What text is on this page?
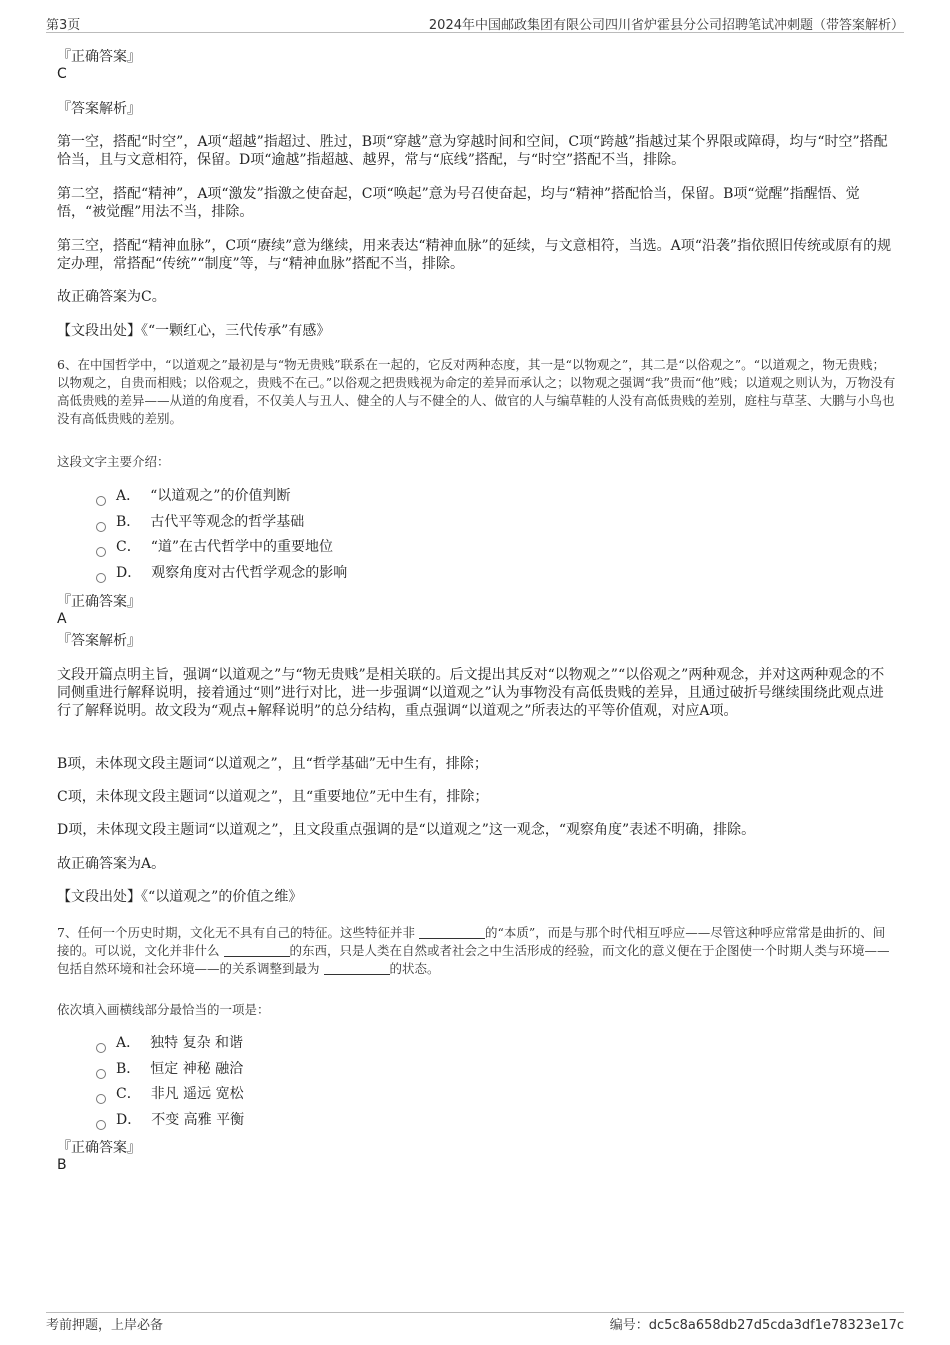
第3页	2024年中国邮政集团有限公司四川省炉霍县分公司招聘笔试冲刺题（带答案解析）
『正确答案』
C
『答案解析』
第一空，搭配“时空”，A项“超越”指超过、胜过，B项“穿越”意为穿越时间和空间，C项“跨越”指越过某个界限或障碍，均与“时空”搭配恰当，且与文意相符，保留。D项“逾越”指超越、越界，常与“底线”搭配，与“时空”搭配不当，排除。
第二空，搭配“精神”，A项“激发”指激之使奋起，C项“唤起”意为号召使奋起，均与“精神”搭配恰当，保留。B项“觉醒”指醒悟、觉悟，“被觉醒”用法不当，排除。
第三空，搭配“精神血脉”，C项“赓续”意为继续，用来表达“精神血脉”的延续，与文意相符，当选。A项“沿袭”指依照旧传统或原有的规定办理，常搭配“传统”“制度”等，与“精神血脉”搭配不当，排除。
故正确答案为C。
【文段出处】《“一颗红心，三代传承”有感》
6、在中国哲学中，“以道观之”最初是与“物无贵贱”联系在一起的，它反对两种态度，其一是“以物观之”，其二是“以俗观之”。“以道观之，物无贵贱；以物观之，自贵而相贱；以俗观之，贵贱不在己。”以俗观之把贵贱视为命定的差异而承认之；以物观之强调“我”贵而“他”贱；以道观之则认为，万物没有高低贵贱的差异——从道的角度看，不仅美人与丑人、健全的人与不健全的人、做官的人与编草鞋的人没有高低贵贱的差别，庭柱与草茎、大鹏与小鸟也没有高低贵贱的差别。
这段文字主要介绍：
A． “以道观之”的价值判断
B． 古代平等观念的哲学基础
C． “道”在古代哲学中的重要地位
D． 观察角度对古代哲学观念的影响
『正确答案』
A
『答案解析』
文段开篇点明主旨，强调“以道观之”与“物无贵贱”是相关联的。后文提出其反对“以物观之”“以俗观之”两种观念，并对这两种观念的不同侧重进行解释说明，接着通过“则”进行对比，进一步强调“以道观之”认为事物没有高低贵贱的差异，且通过破折号继续围绕此观点进行了解释说明。故文段为“观点+解释说明”的总分结构，重点强调“以道观之”所表达的平等价值观，对应A项。
B项，未体现文段主题词“以道观之”，且“哲学基础”无中生有，排除；
C项，未体现文段主题词“以道观之”，且“重要地位”无中生有，排除；
D项，未体现文段主题词“以道观之”，且文段重点强调的是“以道观之”这一观念，“观察角度”表述不明确，排除。
故正确答案为A。
【文段出处】《“以道观之”的价值之维》
7、任何一个历史时期，文化无不具有自己的特征。这些特征并非	的“本质”，而是与那个时代相互呼应——尽管这种呼应常常是曲折的、间接的。可以说，文化并非什么	的东西，只是人类在自然或者社会之中生活形成的经验，而文化的意义便在于企图使一个时期人类与环境——包括自然环境和社会环境——的关系调整到最为	的状态。
依次填入画横线部分最恰当的一项是：
A． 独特 复杂 和谐
B． 恒定 神秘 融洽
C． 非凡 遥远 宽松
D． 不变 高雅 平衡
『正确答案』
B
考前押题，上岸必备	编号：dc5c8a658db27d5cda3df1e78323e17c
